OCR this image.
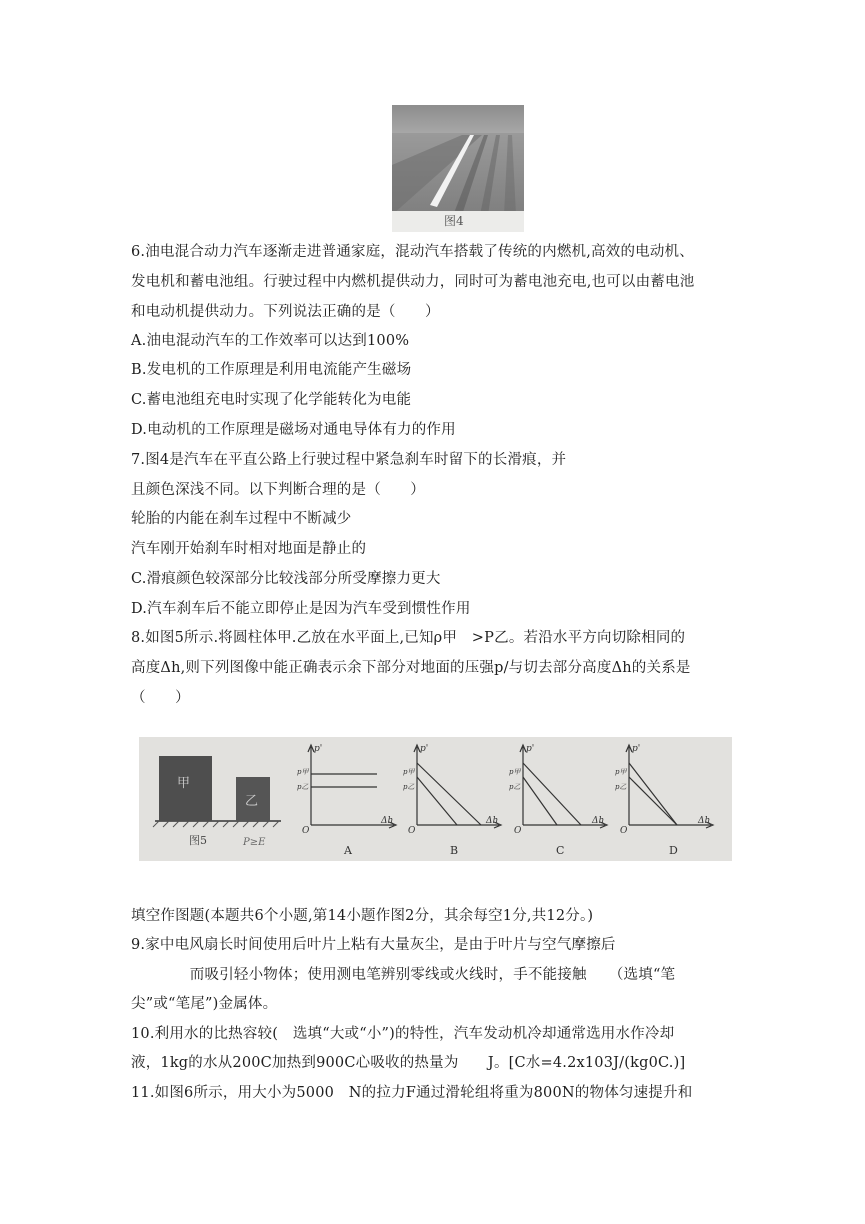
图4
6.油电混合动力汽车逐渐走进普通家庭，混动汽车搭载了传统的内燃机,高效的电动机、
发电机和蓄电池组。行驶过程中内燃机提供动力，同时可为蓄电池充电,也可以由蓄电池
和电动机提供动力。下列说法正确的是（　　）
A.油电混动汽车的工作效率可以达到100%
B.发电机的工作原理是利用电流能产生磁场
C.蓄电池组充电时实现了化学能转化为电能
D.电动机的工作原理是磁场对通电导体有力的作用
7.图4是汽车在平直公路上行驶过程中紧急刹车时留下的长滑痕，并
且颜色深浅不同。以下判断合理的是（　　）
轮胎的内能在刹车过程中不断减少
汽车刚开始刹车时相对地面是静止的
C.滑痕颜色较深部分比较浅部分所受摩擦力更大
D.汽车刹车后不能立即停止是因为汽车受到惯性作用
8.如图5所示.将圆柱体甲.乙放在水平面上,已知ρ甲　>P乙。若沿水平方向切除相同的
高度Δh,则下列图像中能正确表示余下部分对地面的压强p/与切去部分高度Δh的关系是
（　　）
甲
乙
图5	P≥E
p'
Δh
O
p甲
p乙
A
p'
Δh
O
p甲
p乙
B
p'
Δh
O
p甲
p乙
C
p'
Δh
O
p甲
p乙
D
填空作图题(本题共6个小题,第14小题作图2分，其余每空1分,共12分。)
9.家中电风扇长时间使用后叶片上粘有大量灰尘，是由于叶片与空气摩擦后
　　　　而吸引轻小物体；使用测电笔辨别零线或火线时，手不能接触　　（选填“笔
尖”或“笔尾”)金属体。
10.利用水的比热容较(　选填“大或“小”)的特性，汽车发动机冷却通常选用水作冷却
液，1kg的水从200C加热到900C心吸收的热量为　　J。[C水=4.2x103J/(kg0C.)]
11.如图6所示，用大小为5000　N的拉力F通过滑轮组将重为800N的物体匀速提升和
